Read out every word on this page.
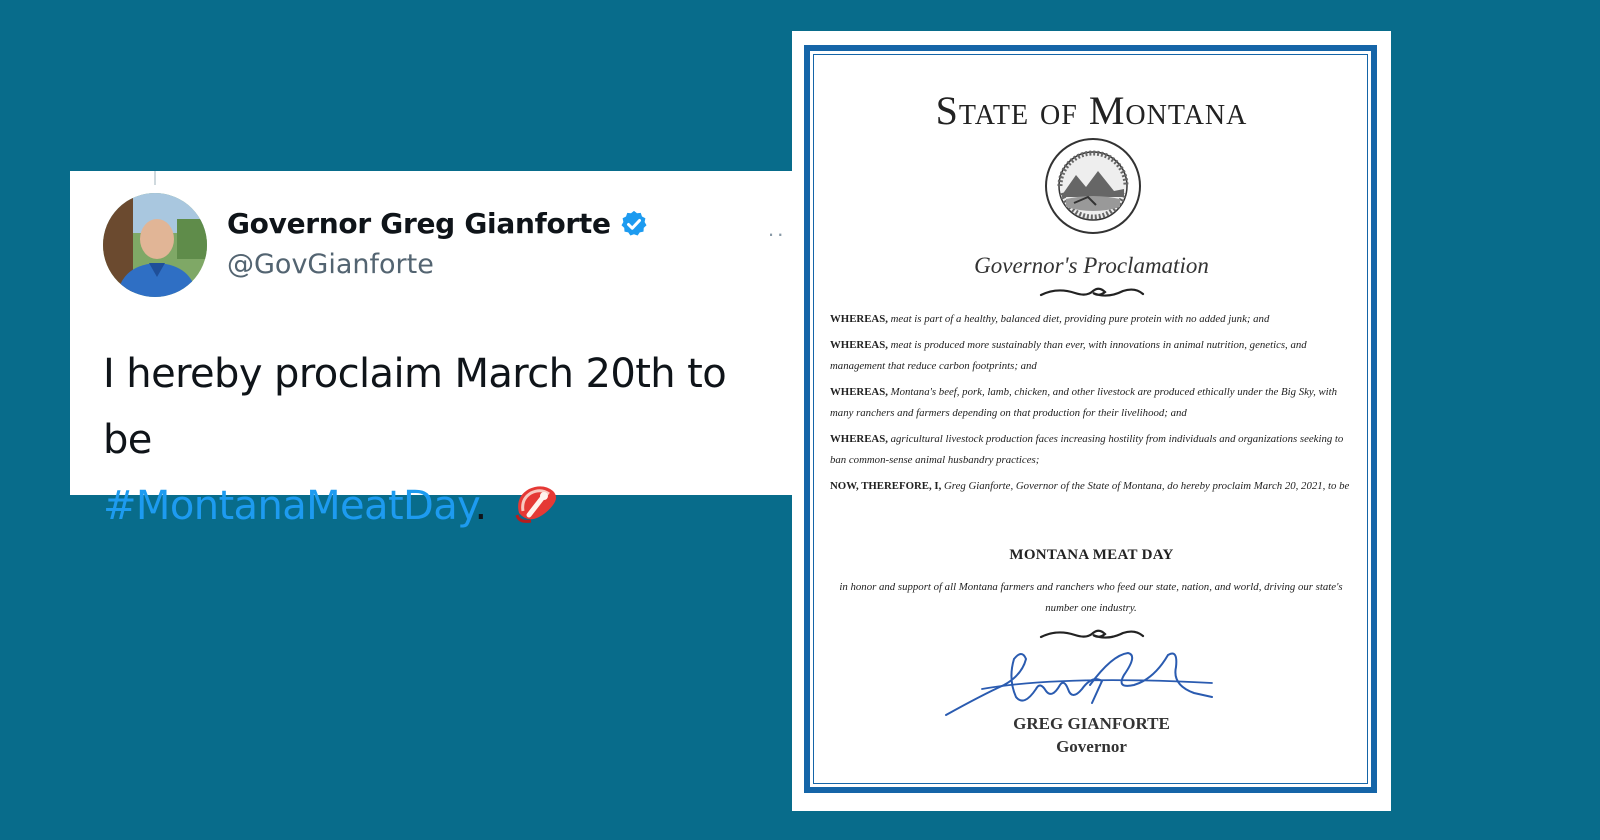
Governor Greg Gianforte
@GovGianforte
··
I hereby proclaim March 20th to be
#MontanaMeatDay.
State of Montana
Governor's Proclamation

WHEREAS, meat is part of a healthy, balanced diet, providing pure protein with no added junk; and

WHEREAS, meat is produced more sustainably than ever, with innovations in animal nutrition, genetics, and management that reduce carbon footprints; and

WHEREAS, Montana's beef, pork, lamb, chicken, and other livestock are produced ethically under the Big Sky, with many ranchers and farmers depending on that production for their livelihood; and

WHEREAS, agricultural livestock production faces increasing hostility from individuals and organizations seeking to ban common-sense animal husbandry practices;

NOW, THEREFORE, I, Greg Gianforte, Governor of the State of Montana, do hereby proclaim March 20, 2021, to be

MONTANA MEAT DAY
in honor and support of all Montana farmers and ranchers who feed our state, nation, and world, driving our state's number one industry.
GREG GIANFORTE
Governor
